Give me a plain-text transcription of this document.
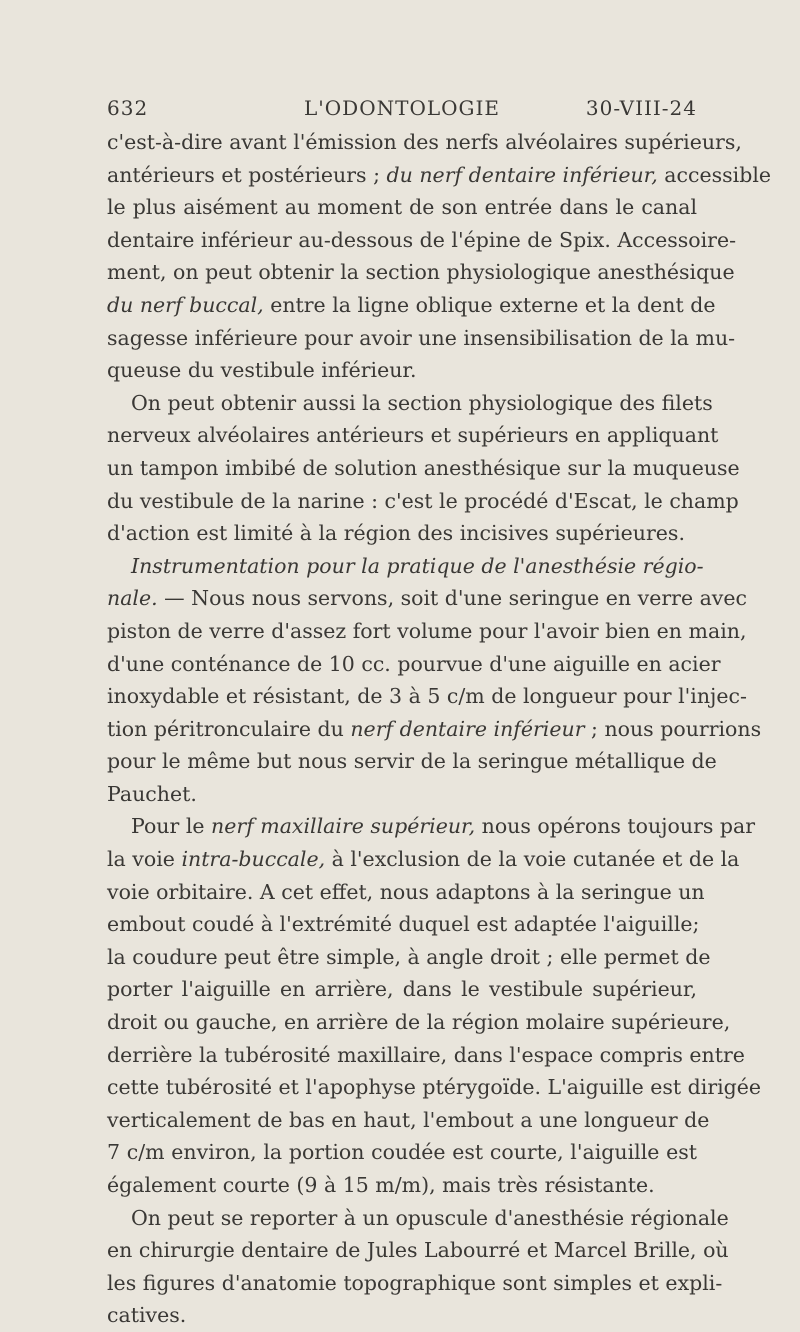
632	L'ODONTOLOGIE	30-VIII-24
c'est-à-dire avant l'émission des nerfs alvéolaires supérieurs,
antérieurs et postérieurs ; du nerf dentaire inférieur, accessible
le plus aisément au moment de son entrée dans le canal
dentaire inférieur au-dessous de l'épine de Spix. Accessoire-
ment, on peut obtenir la section physiologique anesthésique
du nerf buccal, entre la ligne oblique externe et la dent de
sagesse inférieure pour avoir une insensibilisation de la mu-
queuse du vestibule inférieur.
On peut obtenir aussi la section physiologique des filets
nerveux alvéolaires antérieurs et supérieurs en appliquant
un tampon imbibé de solution anesthésique sur la muqueuse
du vestibule de la narine : c'est le procédé d'Escat, le champ
d'action est limité à la région des incisives supérieures.
Instrumentation pour la pratique de l'anesthésie régio-
nale. — Nous nous servons, soit d'une seringue en verre avec
piston de verre d'assez fort volume pour l'avoir bien en main,
d'une conténance de 10 cc. pourvue d'une aiguille en acier
inoxydable et résistant, de 3 à 5 c/m de longueur pour l'injec-
tion péritronculaire du nerf dentaire inférieur ; nous pourrions
pour le même but nous servir de la seringue métallique de
Pauchet.
Pour le nerf maxillaire supérieur, nous opérons toujours par
la voie intra-buccale, à l'exclusion de la voie cutanée et de la
voie orbitaire. A cet effet, nous adaptons à la seringue un
embout coudé à l'extrémité duquel est adaptée l'aiguille;
la coudure peut être simple, à angle droit ; elle permet de
porter l'aiguille en arrière, dans le vestibule supérieur,
droit ou gauche, en arrière de la région molaire supérieure,
derrière la tubérosité maxillaire, dans l'espace compris entre
cette tubérosité et l'apophyse ptérygoïde. L'aiguille est dirigée
verticalement de bas en haut, l'embout a une longueur de
7 c/m environ, la portion coudée est courte, l'aiguille est
également courte (9 à 15 m/m), mais très résistante.
On peut se reporter à un opuscule d'anesthésie régionale
en chirurgie dentaire de Jules Labourré et Marcel Brille, où
les figures d'anatomie topographique sont simples et expli-
catives.
